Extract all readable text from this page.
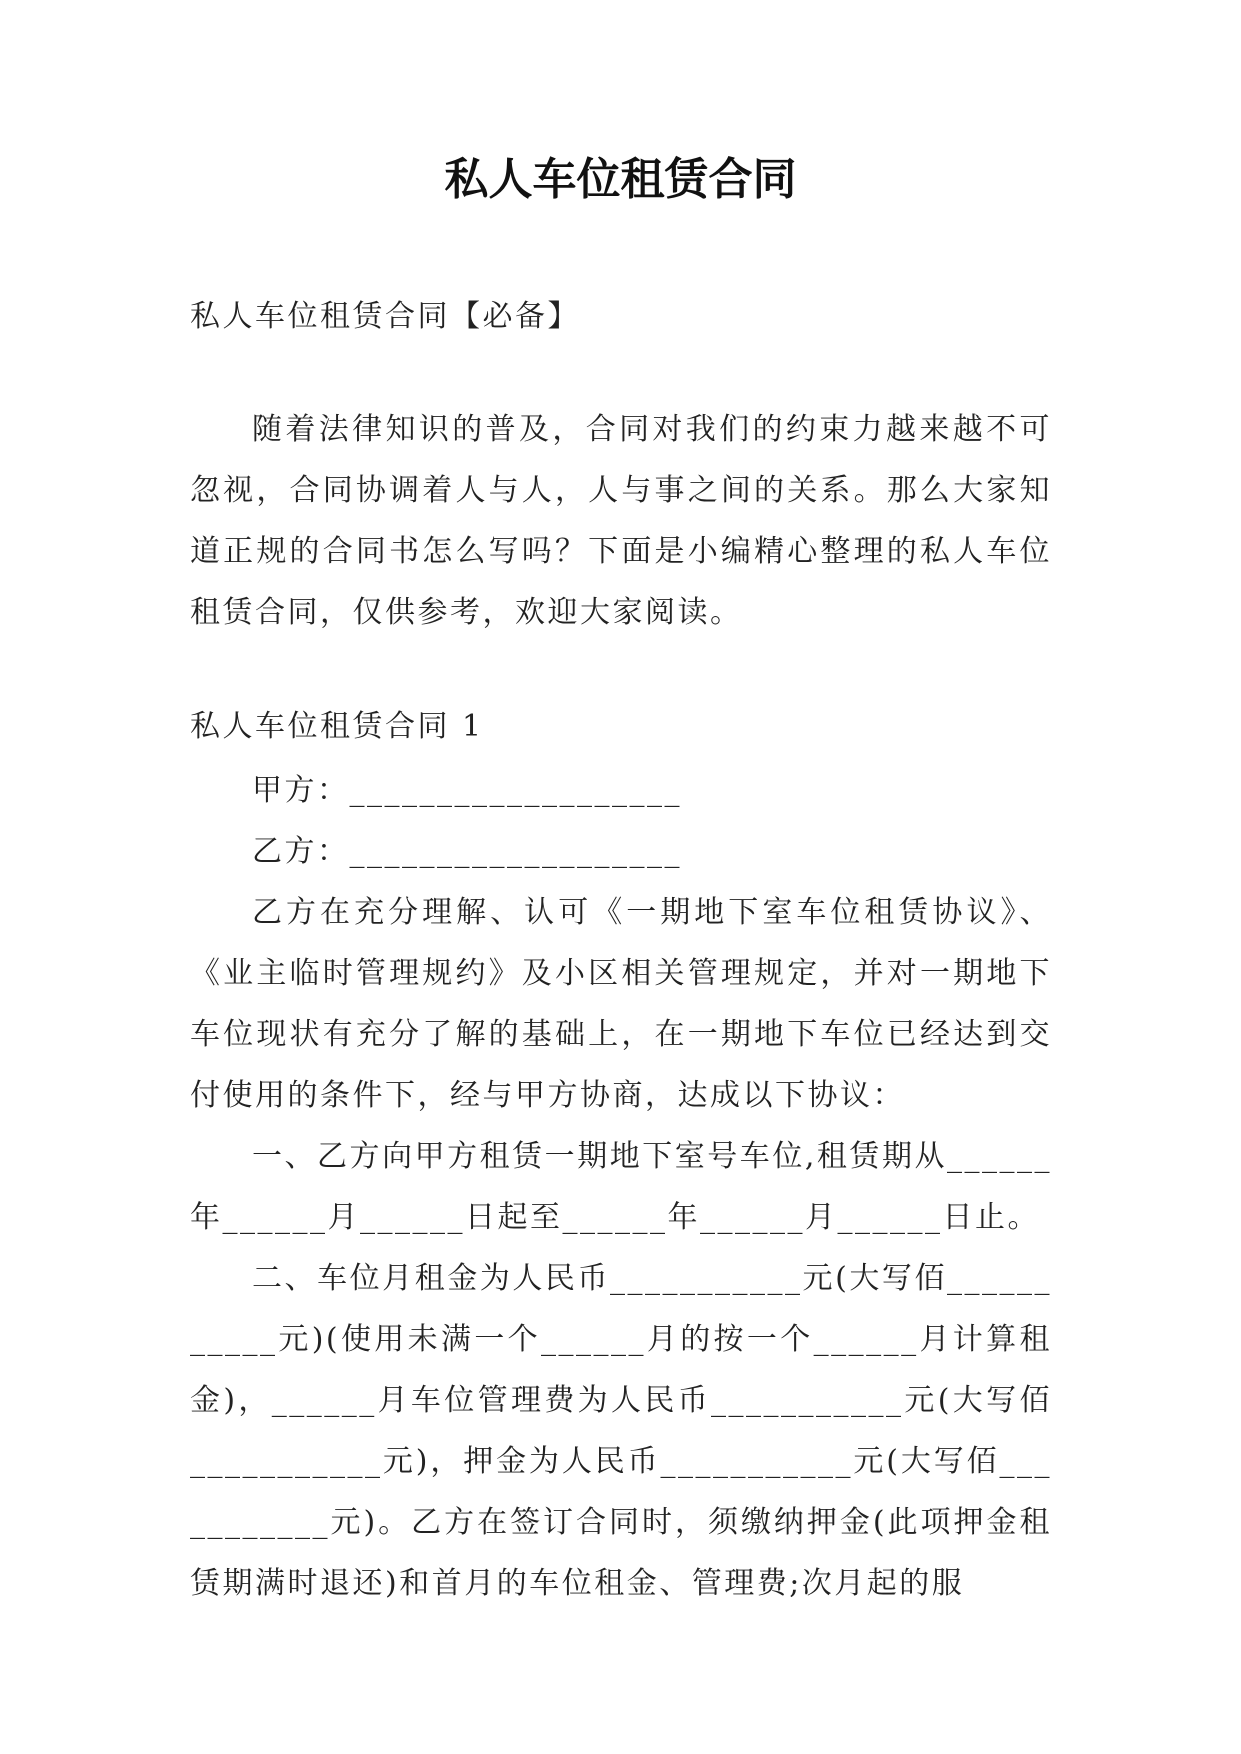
私人车位租赁合同

私人车位租赁合同【必备】

随着法律知识的普及，合同对我们的约束力越来越不可忽视，合同协调着人与人，人与事之间的关系。那么大家知道正规的合同书怎么写吗？下面是小编精心整理的私人车位租赁合同，仅供参考，欢迎大家阅读。

私人车位租赁合同 1

甲方：___________________

乙方：___________________

乙方在充分理解、认可《一期地下室车位租赁协议》、《业主临时管理规约》及小区相关管理规定，并对一期地下车位现状有充分了解的基础上，在一期地下车位已经达到交付使用的条件下，经与甲方协商，达成以下协议：

一、乙方向甲方租赁一期地下室号车位,租赁期从______年______月______日起至______年______月______日止。

二、车位月租金为人民币___________元(大写佰___________元)(使用未满一个______月的按一个______月计算租金)，______月车位管理费为人民币___________元(大写佰___________元)，押金为人民币___________元(大写佰___________元)。乙方在签订合同时，须缴纳押金(此项押金租赁期满时退还)和首月的车位租金、管理费;次月起的服
